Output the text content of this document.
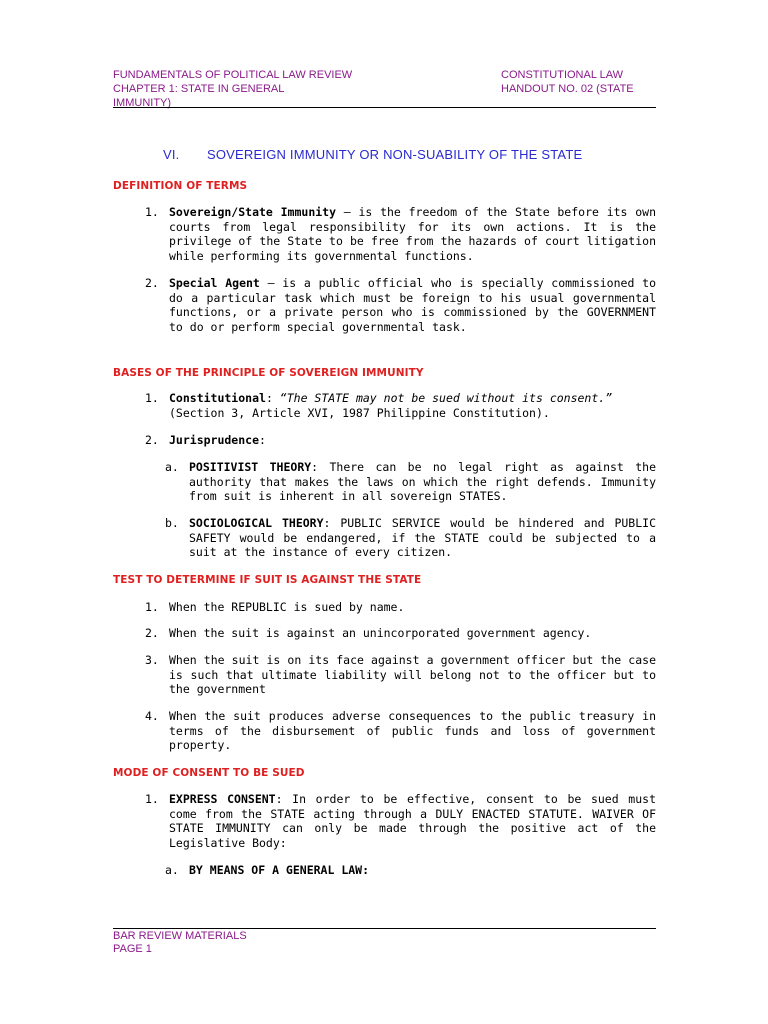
FUNDAMENTALS OF POLITICAL LAW REVIEW
CHAPTER 1: STATE IN GENERAL
IMMUNITY)
CONSTITUTIONAL LAW
HANDOUT NO. 02 (STATE
VI. SOVEREIGN IMMUNITY OR NON-SUABILITY OF THE STATE
DEFINITION OF TERMS
1. Sovereign/State Immunity – is the freedom of the State before its own courts from legal responsibility for its own actions. It is the privilege of the State to be free from the hazards of court litigation while performing its governmental functions.
2. Special Agent – is a public official who is specially commissioned to do a particular task which must be foreign to his usual governmental functions, or a private person who is commissioned by the GOVERNMENT to do or perform special governmental task.
BASES OF THE PRINCIPLE OF SOVEREIGN IMMUNITY
1. Constitutional: “The STATE may not be sued without its consent.” (Section 3, Article XVI, 1987 Philippine Constitution).
2. Jurisprudence:
a. POSITIVIST THEORY: There can be no legal right as against the authority that makes the laws on which the right defends. Immunity from suit is inherent in all sovereign STATES.
b. SOCIOLOGICAL THEORY: PUBLIC SERVICE would be hindered and PUBLIC SAFETY would be endangered, if the STATE could be subjected to a suit at the instance of every citizen.
TEST TO DETERMINE IF SUIT IS AGAINST THE STATE
1. When the REPUBLIC is sued by name.
2. When the suit is against an unincorporated government agency.
3. When the suit is on its face against a government officer but the case is such that ultimate liability will belong not to the officer but to the government
4. When the suit produces adverse consequences to the public treasury in terms of the disbursement of public funds and loss of government property.
MODE OF CONSENT TO BE SUED
1. EXPRESS CONSENT: In order to be effective, consent to be sued must come from the STATE acting through a DULY ENACTED STATUTE. WAIVER OF STATE IMMUNITY can only be made through the positive act of the Legislative Body:
a. BY MEANS OF A GENERAL LAW:
BAR REVIEW MATERIALS
PAGE 1
